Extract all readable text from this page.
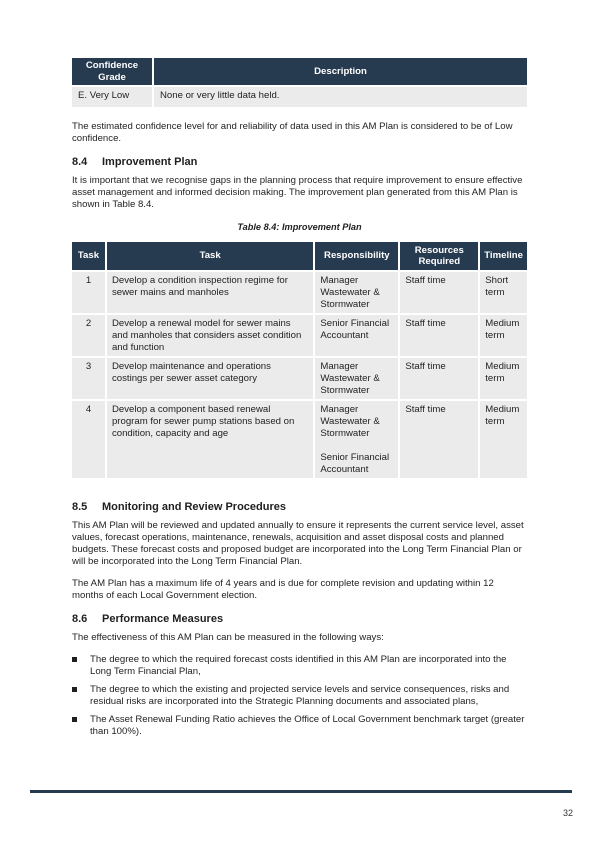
Confidence Grade	Description
E. Very Low	None or very little data held.

The estimated confidence level for and reliability of data used in this AM Plan is considered to be of Low confidence.

8.4 Improvement Plan

It is important that we recognise gaps in the planning process that require improvement to ensure effective asset management and informed decision making. The improvement plan generated from this AM Plan is shown in Table 8.4.

Table 8.4: Improvement Plan

Task	Task	Responsibility	Resources Required	Timeline
1	Develop a condition inspection regime for sewer mains and manholes	Manager Wastewater & Stormwater	Staff time	Short term
2	Develop a renewal model for sewer mains and manholes that considers asset condition and function	Senior Financial Accountant	Staff time	Medium term
3	Develop maintenance and operations costings per sewer asset category	Manager Wastewater & Stormwater	Staff time	Medium term
4	Develop a component based renewal program for sewer pump stations based on condition, capacity and age	Manager Wastewater & Stormwater
Senior Financial Accountant	Staff time	Medium term
8.5 Monitoring and Review Procedures

This AM Plan will be reviewed and updated annually to ensure it represents the current service level, asset values, forecast operations, maintenance, renewals, acquisition and asset disposal costs and planned budgets. These forecast costs and proposed budget are incorporated into the Long Term Financial Plan or will be incorporated into the Long Term Financial Plan.

The AM Plan has a maximum life of 4 years and is due for complete revision and updating within 12 months of each Local Government election.

8.6 Performance Measures

The effectiveness of this AM Plan can be measured in the following ways:

The degree to which the required forecast costs identified in this AM Plan are incorporated into the Long Term Financial Plan,
The degree to which the existing and projected service levels and service consequences, risks and residual risks are incorporated into the Strategic Planning documents and associated plans,
The Asset Renewal Funding Ratio achieves the Office of Local Government benchmark target (greater than 100%).
32
